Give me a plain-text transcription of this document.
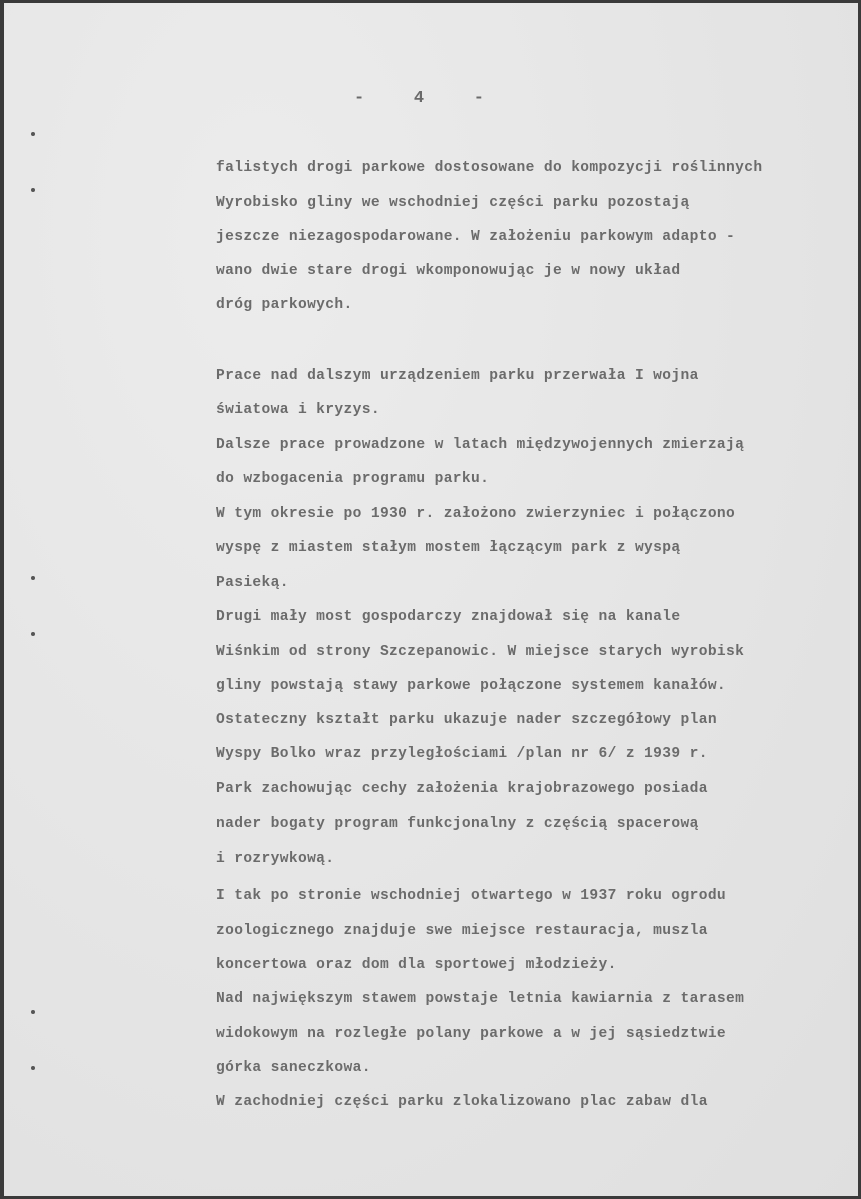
-	4	-
falistych drogi parkowe dostosowane do kompozycji roślinnych
Wyrobisko gliny we wschodniej części parku pozostają
jeszcze niezagospodarowane. W założeniu parkowym adapto -
wano dwie stare drogi wkomponowując je w nowy układ
dróg parkowych.
Prace nad dalszym urządzeniem parku przerwała I wojna
światowa i kryzys.
Dalsze prace prowadzone w latach międzywojennych zmierzają
do wzbogacenia programu parku.
W tym okresie po 1930 r. założono zwierzyniec i połączono
wyspę z miastem stałym mostem łączącym park z wyspą
Pasieką.
Drugi mały most gospodarczy znajdował się na kanale
Wiśnkim od strony Szczepanowic. W miejsce starych wyrobisk
gliny powstają stawy parkowe połączone systemem kanałów.
Ostateczny kształt parku ukazuje nader szczegółowy plan
Wyspy Bolko wraz przyległościami /plan nr 6/ z 1939 r.
Park zachowując cechy założenia krajobrazowego posiada
nader bogaty program funkcjonalny z częścią spacerową
i rozrywkową.
I tak po stronie wschodniej otwartego w 1937 roku ogrodu
zoologicznego znajduje swe miejsce restauracja, muszla
koncertowa oraz dom dla sportowej młodzieży.
Nad największym stawem powstaje letnia kawiarnia z tarasem
widokowym na rozległe polany parkowe a w jej sąsiedztwie
górka saneczkowa.
W zachodniej części parku zlokalizowano plac zabaw dla
